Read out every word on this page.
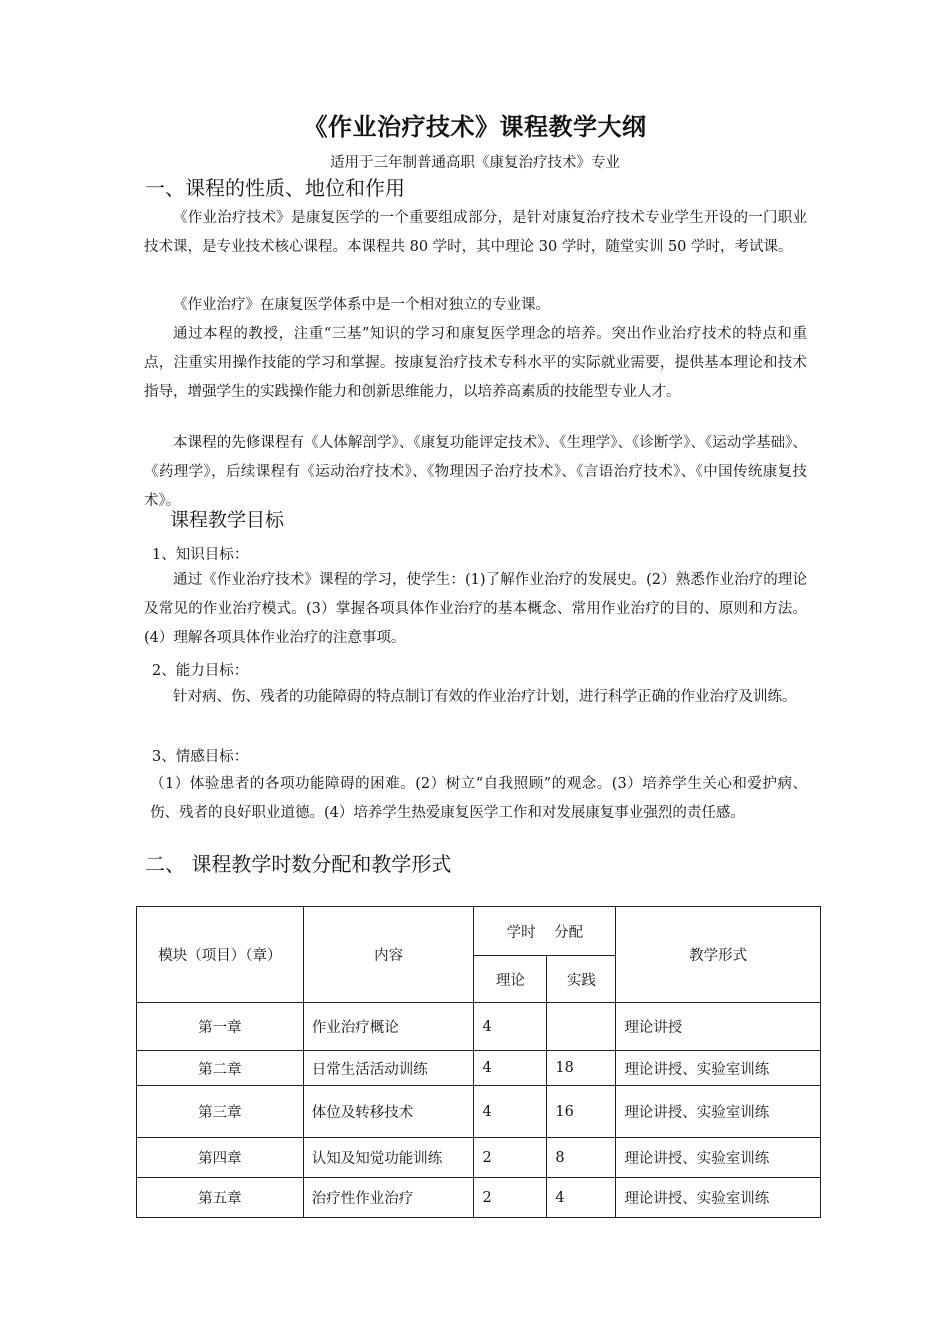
《作业治疗技术》课程教学大纲
适用于三年制普通高职《康复治疗技术》专业
一、课程的性质、地位和作用

《作业治疗技术》是康复医学的一个重要组成部分，是针对康复治疗技术专业学生开设的一门职业技术课，是专业技术核心课程。本课程共 80 学时，其中理论 30 学时，随堂实训 50 学时，考试课。

《作业治疗》在康复医学体系中是一个相对独立的专业课。

通过本程的教授，注重“三基”知识的学习和康复医学理念的培养。突出作业治疗技术的特点和重点，注重实用操作技能的学习和掌握。按康复治疗技术专科水平的实际就业需要，提供基本理论和技术指导，增强学生的实践操作能力和创新思维能力，以培养高素质的技能型专业人才。

本课程的先修课程有《人体解剖学》、《康复功能评定技术》、《生理学》、《诊断学》、《运动学基础》、《药理学》，后续课程有《运动治疗技术》、《物理因子治疗技术》、《言语治疗技术》、《中国传统康复技术》。

课程教学目标
1、知识目标：

通过《作业治疗技术》课程的学习，使学生：(1)了解作业治疗的发展史。(2）熟悉作业治疗的理论及常见的作业治疗模式。(3）掌握各项具体作业治疗的基本概念、常用作业治疗的目的、原则和方法。(4）理解各项具体作业治疗的注意事项。

2、能力目标：

针对病、伤、残者的功能障碍的特点制订有效的作业治疗计划，进行科学正确的作业治疗及训练。

3、情感目标：

（1）体验患者的各项功能障碍的困难。(2）树立“自我照顾”的观念。(3）培养学生关心和爱护病、伤、残者的良好职业道德。(4）培养学生热爱康复医学工作和对发展康复事业强烈的责任感。

二、 课程教学时数分配和教学形式
模块（项目）（章）	内容	学时    分配		教学形式
		理论	实践	
第一章	作业治疗概论	4		理论讲授
第二章	日常生活活动训练	4	18	理论讲授、实验室训练
第三章	体位及转移技术	4	16	理论讲授、实验室训练
第四章	认知及知觉功能训练	2	8	理论讲授、实验室训练
第五章	治疗性作业治疗	2	4	理论讲授、实验室训练
